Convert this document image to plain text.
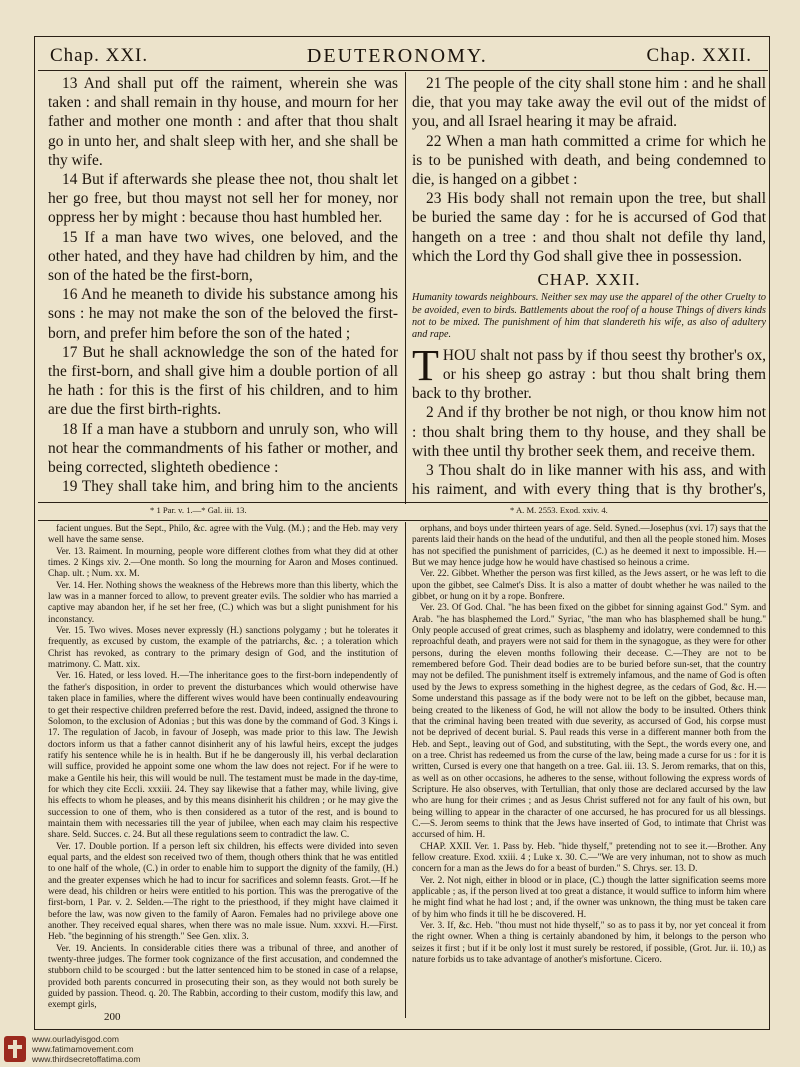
Chap. XXI.	DEUTERONOMY.	Chap. XXII.

13 And shall put off the raiment, wherein she was taken : and shall remain in thy house, and mourn for her father and mother one month : and after that thou shalt go in unto her, and shalt sleep with her, and she shall be thy wife.

14 But if afterwards she please thee not, thou shalt let her go free, but thou mayst not sell her for money, nor oppress her by might : because thou hast humbled her.

15 If a man have two wives, one beloved, and the other hated, and they have had children by him, and the son of the hated be the first-born,

16 And he meaneth to divide his substance among his sons : he may not make the son of the beloved the first-born, and prefer him before the son of the hated ;

17 But he shall acknowledge the son of the hated for the first-born, and shall give him a double portion of all he hath : for this is the first of his children, and to him are due the first birth-rights.

18 If a man have a stubborn and unruly son, who will not hear the commandments of his father or mother, and being corrected, slighteth obedience :

19 They shall take him, and bring him to the ancients

21 The people of the city shall stone him : and he shall die, that you may take away the evil out of the midst of you, and all Israel hearing it may be afraid.

22 When a man hath committed a crime for which he is to be punished with death, and being condemned to die, is hanged on a gibbet :

23 His body shall not remain upon the tree, but shall be buried the same day : for he is accursed of God that hangeth on a tree : and thou shalt not defile thy land, which the Lord thy God shall give thee in possession.

CHAP. XXII.

Humanity towards neighbours. Neither sex may use the apparel of the other Cruelty to be avoided, even to birds. Battlements about the roof of a house Things of divers kinds not to be mixed. The punishment of him that slandereth his wife, as also of adultery and rape.

THOU shalt not pass by if thou seest thy brother's ox, or his sheep go astray : but thou shalt bring them back to thy brother.

2 And if thy brother be not nigh, or thou know him not : thou shalt bring them to thy house, and they shall be with thee until thy brother seek them, and receive them.

3 Thou shalt do in like manner with his ass, and with his raiment, and with every thing that is thy brother's,

* 1 Par. v. 1.—* Gal. iii. 13.	* A. M. 2553. Exod. xxiv. 4.

facient ungues. But the Sept., Philo, &c. agree with the Vulg. (M.) ; and the Heb. may very well have the same sense.

Ver. 13. Raiment. In mourning, people wore different clothes from what they did at other times. 2 Kings xiv. 2.—One month. So long the mourning for Aaron and Moses continued. Chap. ult. ; Num. xx. M.

Ver. 14. Her. Nothing shows the weakness of the Hebrews more than this liberty, which the law was in a manner forced to allow, to prevent greater evils. The soldier who has married a captive may abandon her, if he set her free, (C.) which was but a slight punishment for his inconstancy.

Ver. 15. Two wives. Moses never expressly (H.) sanctions polygamy ; but he tolerates it frequently, as excused by custom, the example of the patriarchs, &c. ; a toleration which Christ has revoked, as contrary to the primary design of God, and the institution of matrimony. C. Matt. xix.

Ver. 16. Hated, or less loved. H.—The inheritance goes to the first-born independently of the father's disposition, in order to prevent the disturbances which would otherwise have taken place in families, where the different wives would have been continually endeavouring to get their respective children preferred before the rest. David, indeed, assigned the throne to Solomon, to the exclusion of Adonias ; but this was done by the command of God. 3 Kings i. 17. The regulation of Jacob, in favour of Joseph, was made prior to this law. The Jewish doctors inform us that a father cannot disinherit any of his lawful heirs, except the judges ratify his sentence while he is in health. But if he be dangerously ill, his verbal declaration will suffice, provided he appoint some one whom the law does not reject. For if he were to make a Gentile his heir, this will would be null. The testament must be made in the day-time, for which they cite Eccli. xxxiii. 24. They say likewise that a father may, while living, give his effects to whom he pleases, and by this means disinherit his children ; or he may give the succession to one of them, who is then considered as a tutor of the rest, and is bound to maintain them with necessaries till the year of jubilee, when each may claim his respective share. Seld. Succes. c. 24. But all these regulations seem to contradict the law. C.

Ver. 17. Double portion. If a person left six children, his effects were divided into seven equal parts, and the eldest son received two of them, though others think that he was entitled to one half of the whole, (C.) in order to enable him to support the dignity of the family, (H.) and the greater expenses which he had to incur for sacrifices and solemn feasts. Grot.—If he were dead, his children or heirs were entitled to his portion. This was the prerogative of the first-born, 1 Par. v. 2. Selden.—The right to the priesthood, if they might have claimed it before the law, was now given to the family of Aaron. Females had no privilege above one another. They received equal shares, when there was no male issue. Num. xxxvi. H.—First. Heb. "the beginning of his strength." See Gen. xlix. 3.

Ver. 19. Ancients. In considerable cities there was a tribunal of three, and another of twenty-three judges. The former took cognizance of the first accusation, and condemned the stubborn child to be scourged : but the latter sentenced him to be stoned in case of a relapse, provided both parents concurred in prosecuting their son, as they would not both surely be guided by passion. Theod. q. 20. The Rabbin, according to their custom, modify this law, and exempt girls,

orphans, and boys under thirteen years of age. Seld. Syned.—Josephus (xvi. 17) says that the parents laid their hands on the head of the undutiful, and then all the people stoned him. Moses has not specified the punishment of parricides, (C.) as he deemed it next to impossible. H.—But we may hence judge how he would have chastised so heinous a crime.

Ver. 22. Gibbet. Whether the person was first killed, as the Jews assert, or he was left to die upon the gibbet, see Calmet's Diss. It is also a matter of doubt whether he was nailed to the gibbet, or hung on it by a rope. Bonfrere.

Ver. 23. Of God. Chal. "he has been fixed on the gibbet for sinning against God." Sym. and Arab. "he has blasphemed the Lord." Syriac, "the man who has blasphemed shall be hung." Only people accused of great crimes, such as blasphemy and idolatry, were condemned to this reproachful death, and prayers were not said for them in the synagogue, as they were for other persons, during the eleven months following their decease. C.—They are not to be remembered before God. Their dead bodies are to be buried before sun-set, that the country may not be defiled. The punishment itself is extremely infamous, and the name of God is often used by the Jews to express something in the highest degree, as the cedars of God, &c. H.—Some understand this passage as if the body were not to be left on the gibbet, because man, being created to the likeness of God, he will not allow the body to be insulted. Others think that the criminal having been treated with due severity, as accursed of God, his corpse must not be deprived of decent burial. S. Paul reads this verse in a different manner both from the Heb. and Sept., leaving out of God, and substituting, with the Sept., the words every one, and on a tree. Christ has redeemed us from the curse of the law, being made a curse for us : for it is written, Cursed is every one that hangeth on a tree. Gal. iii. 13. S. Jerom remarks, that on this, as well as on other occasions, he adheres to the sense, without following the express words of Scripture. He also observes, with Tertullian, that only those are declared accursed by the law who are hung for their crimes ; and as Jesus Christ suffered not for any fault of his own, but being willing to appear in the character of one accursed, he has procured for us all blessings. C.—S. Jerom seems to think that the Jews have inserted of God, to intimate that Christ was accursed of him. H.

CHAP. XXII. Ver. 1. Pass by. Heb. "hide thyself," pretending not to see it.—Brother. Any fellow creature. Exod. xxiii. 4 ; Luke x. 30. C.—"We are very inhuman, not to show as much concern for a man as the Jews do for a beast of burden." S. Chrys. ser. 13. D.

Ver. 2. Not nigh, either in blood or in place, (C.) though the latter signification seems more applicable ; as, if the person lived at too great a distance, it would suffice to inform him where he might find what he had lost ; and, if the owner was unknown, the thing must be taken care of by him who finds it till he be discovered. H.

Ver. 3. If, &c. Heb. "thou must not hide thyself," so as to pass it by, nor yet conceal it from the right owner. When a thing is certainly abandoned by him, it belongs to the person who seizes it first ; but if it be only lost it must surely be restored, if possible, (Grot. Jur. ii. 10,) as nature forbids us to take advantage of another's misfortune. Cicero.

200
www.ourladyisgod.com
www.fatimamovement.com
www.thirdsecretoffatima.com
